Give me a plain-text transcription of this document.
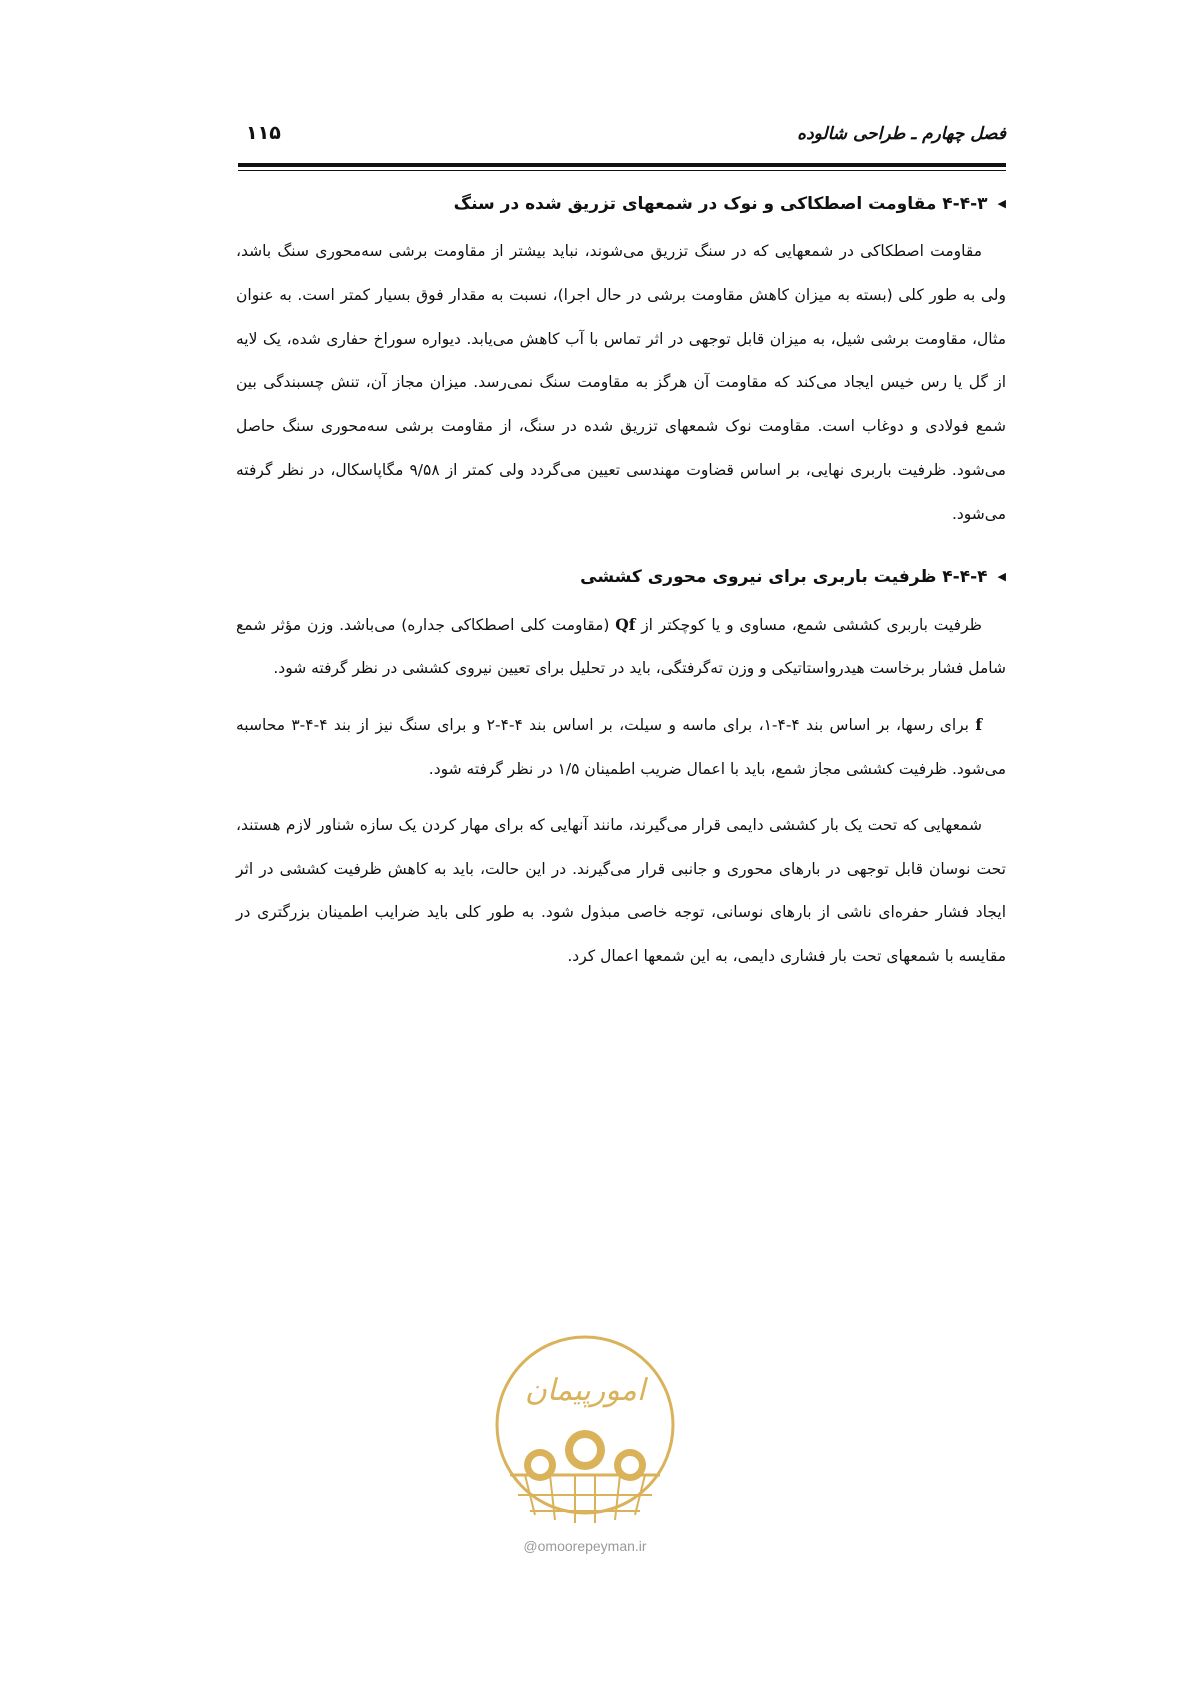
فصل چهارم ـ طراحی شالوده
۱۱۵
◀
۴-۴-۳ مقاومت اصطکاکی و نوک در شمعهای تزریق شده در سنگ

مقاومت اصطکاکی در شمعهایی که در سنگ تزریق می‌شوند، نباید بیشتر از مقاومت برشی سه‌محوری سنگ باشد، ولی به طور کلی (بسته به میزان کاهش مقاومت برشی در حال اجرا)، نسبت به مقدار فوق بسیار کمتر است. به عنوان مثال، مقاومت برشی شیل، به میزان قابل توجهی در اثر تماس با آب کاهش می‌یابد. دیواره سوراخ حفاری شده، یک لایه از گل یا رس خیس ایجاد می‌کند که مقاومت آن هرگز به مقاومت سنگ نمی‌رسد. میزان مجاز آن، تنش چسبندگی بین شمع فولادی و دوغاب است. مقاومت نوک شمعهای تزریق شده در سنگ، از مقاومت برشی سه‌محوری سنگ حاصل می‌شود. ظرفیت باربری نهایی، بر اساس قضاوت مهندسی تعیین می‌گردد ولی کمتر از ۹/۵۸ مگاپاسکال، در نظر گرفته می‌شود.

◀
۴-۴-۴ ظرفیت باربری برای نیروی محوری کششی

ظرفیت باربری کششی شمع، مساوی و یا کوچکتر از Qf (مقاومت کلی اصطکاکی جداره) می‌باشد. وزن مؤثر شمع شامل فشار برخاست هیدرواستاتیکی و وزن ته‌گرفتگی، باید در تحلیل برای تعیین نیروی کششی در نظر گرفته شود.

f برای رسها، بر اساس بند ۴-۴-۱، برای ماسه و سیلت، بر اساس بند ۴-۴-۲ و برای سنگ نیز از بند ۴-۴-۳ محاسبه می‌شود. ظرفیت کششی مجاز شمع، باید با اعمال ضریب اطمینان ۱/۵ در نظر گرفته شود.

شمعهایی که تحت یک بار کششی دایمی قرار می‌گیرند، مانند آنهایی که برای مهار کردن یک سازه شناور لازم هستند، تحت نوسان قابل توجهی در بارهای محوری و جانبی قرار می‌گیرند. در این حالت، باید به کاهش ظرفیت کششی در اثر ایجاد فشار حفره‌ای ناشی از بارهای نوسانی، توجه خاصی مبذول شود. به طور کلی باید ضرایب اطمینان بزرگتری در مقایسه با شمعهای تحت بار فشاری دایمی، به این شمعها اعمال کرد.

امورپیمان
@omoorepeyman.ir
